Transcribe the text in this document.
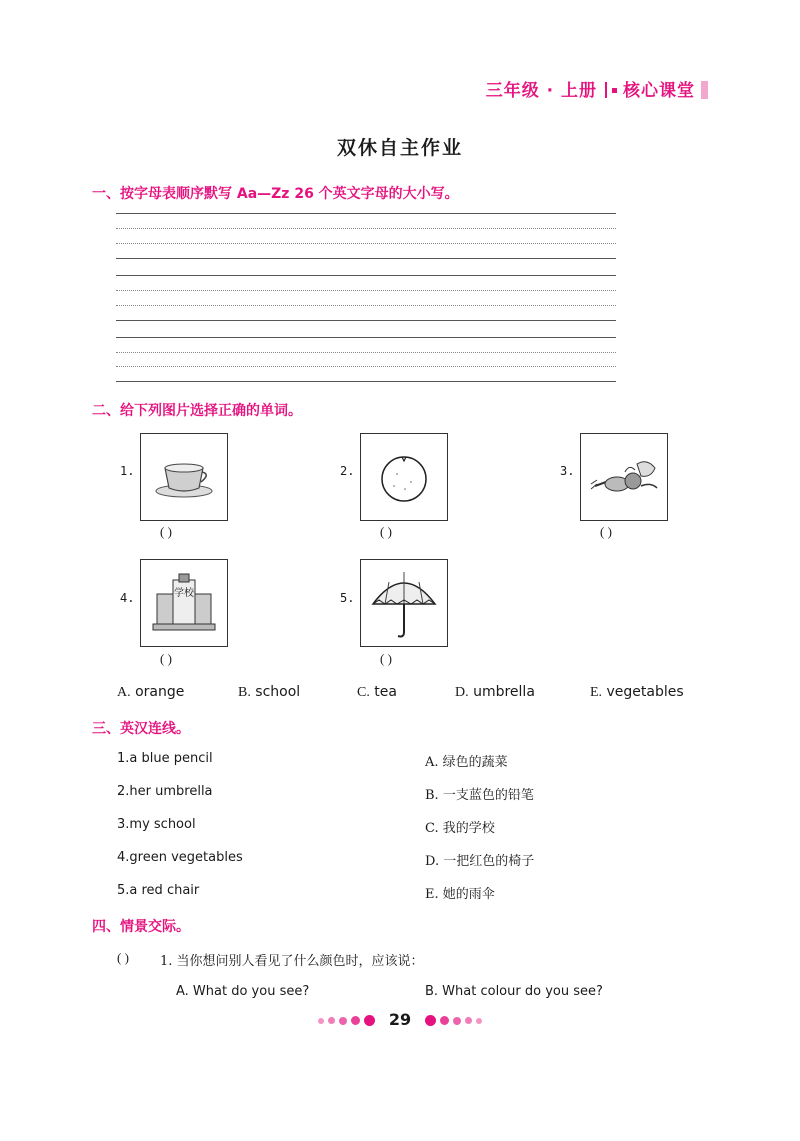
三年级 · 上册 核心课堂
双休自主作业
一、按字母表顺序默写 Aa—Zz 26 个英文字母的大小写。
二、给下列图片选择正确的单词。
1.
( )
2.
( )
3.
( )
4.	学校
( )
5.
( )
A. orange	B. school	C. tea	D. umbrella	E. vegetables
三、英汉连线。
1.a blue pencil
2.her umbrella
3.my school
4.green vegetables
5.a red chair
A. 绿色的蔬菜
B. 一支蓝色的铅笔
C. 我的学校
D. 一把红色的椅子
E. 她的雨伞
四、情景交际。
( ) 1. 当你想问别人看见了什么颜色时，应该说：
A. What do you see?	B. What colour do you see?
29
